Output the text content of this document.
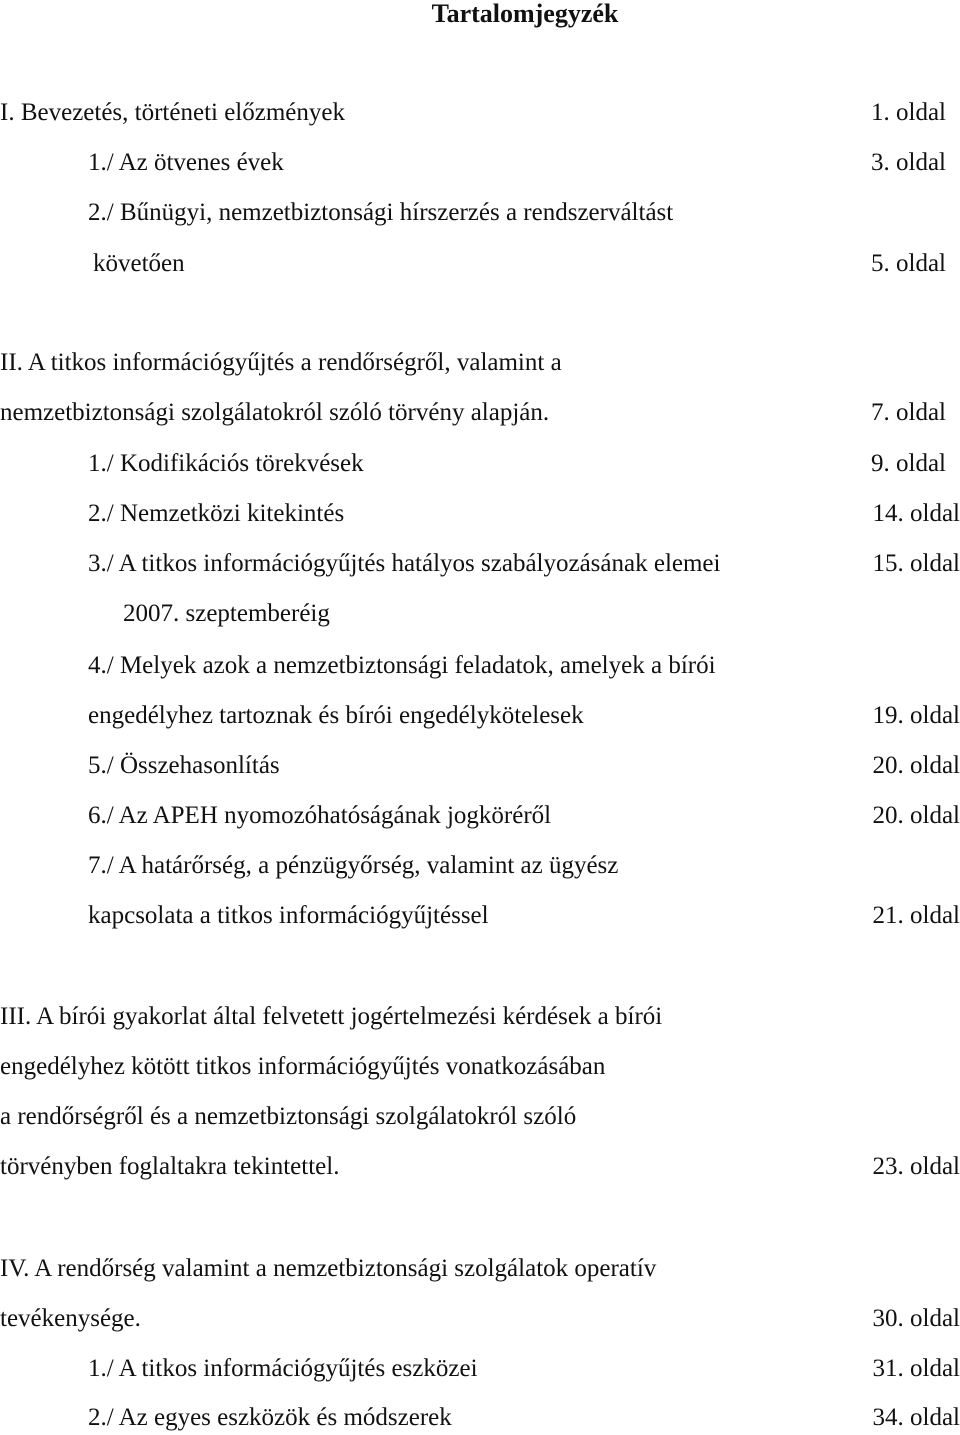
Tartalomjegyzék
I. Bevezetés, történeti előzmények	1. oldal
1./ Az ötvenes évek	3. oldal
2./ Bűnügyi, nemzetbiztonsági hírszerzés a rendszerváltást
követően	5. oldal
II. A titkos információgyűjtés a rendőrségről, valamint a
nemzetbiztonsági szolgálatokról szóló törvény alapján.	7. oldal
1./ Kodifikációs törekvések	9. oldal
2./ Nemzetközi kitekintés	14. oldal
3./ A titkos információgyűjtés hatályos szabályozásának elemei	15. oldal
2007. szeptemberéig
4./ Melyek azok a nemzetbiztonsági feladatok, amelyek a bírói
engedélyhez tartoznak és bírói engedélykötelesek	19. oldal
5./ Összehasonlítás	20. oldal
6./ Az APEH nyomozóhatóságának jogköréről	20. oldal
7./ A határőrség, a pénzügyőrség, valamint az ügyész
kapcsolata a titkos információgyűjtéssel	21. oldal
III. A bírói gyakorlat által felvetett jogértelmezési kérdések a bírói
engedélyhez kötött titkos információgyűjtés vonatkozásában
a rendőrségről és a nemzetbiztonsági szolgálatokról szóló
törvényben foglaltakra tekintettel.	23. oldal
IV. A rendőrség valamint a nemzetbiztonsági szolgálatok operatív
tevékenysége.	30. oldal
1./ A titkos információgyűjtés eszközei	31. oldal
2./ Az egyes eszközök és módszerek	34. oldal
